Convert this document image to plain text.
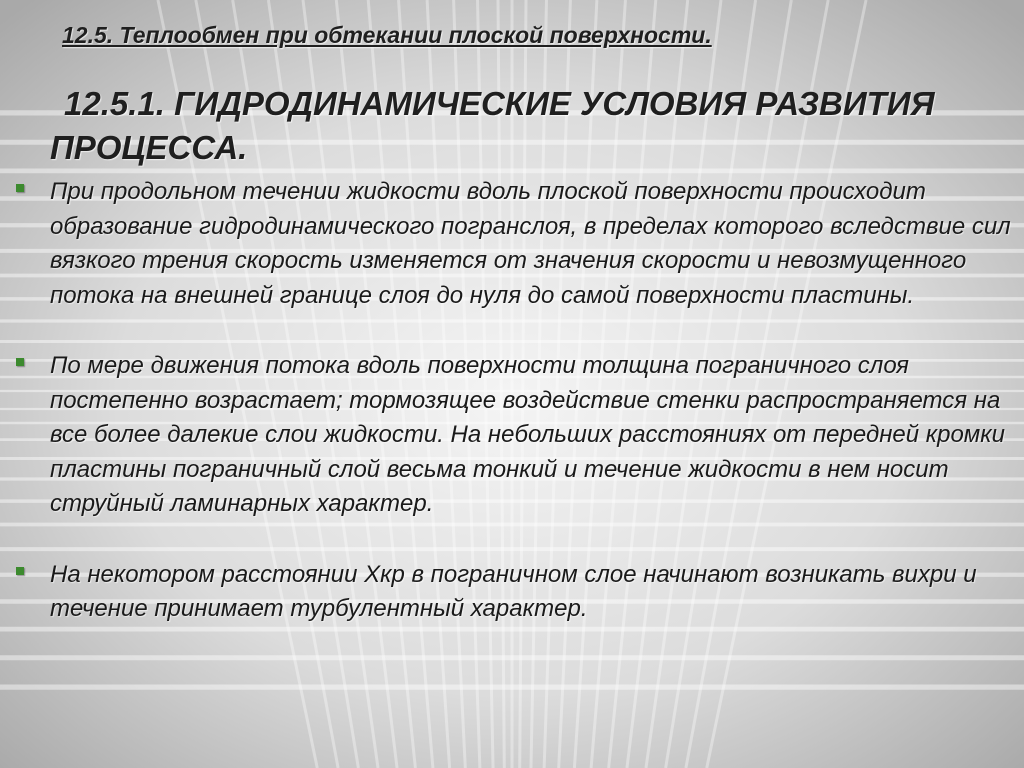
12.5. Теплообмен при обтекании плоской поверхности.
12.5.1. ГИДРОДИНАМИЧЕСКИЕ УСЛОВИЯ РАЗВИТИЯ ПРОЦЕССА.
При продольном течении жидкости вдоль плоской поверхности происходит образование гидродинамического погранслоя, в пределах которого вследствие сил вязкого трения скорость изменяется от значения скорости и невозмущенного потока на внешней границе слоя до нуля до самой поверхности пластины.
По мере движения потока вдоль поверхности толщина пограничного слоя постепенно возрастает; тормозящее воздействие стенки распространяется на все более далекие слои жидкости. На небольших расстояниях от передней кромки пластины пограничный слой весьма тонкий и течение жидкости в нем носит струйный ламинарных характер.
На некотором расстоянии Хкр в пограничном слое начинают возникать вихри и течение принимает турбулентный характер.
